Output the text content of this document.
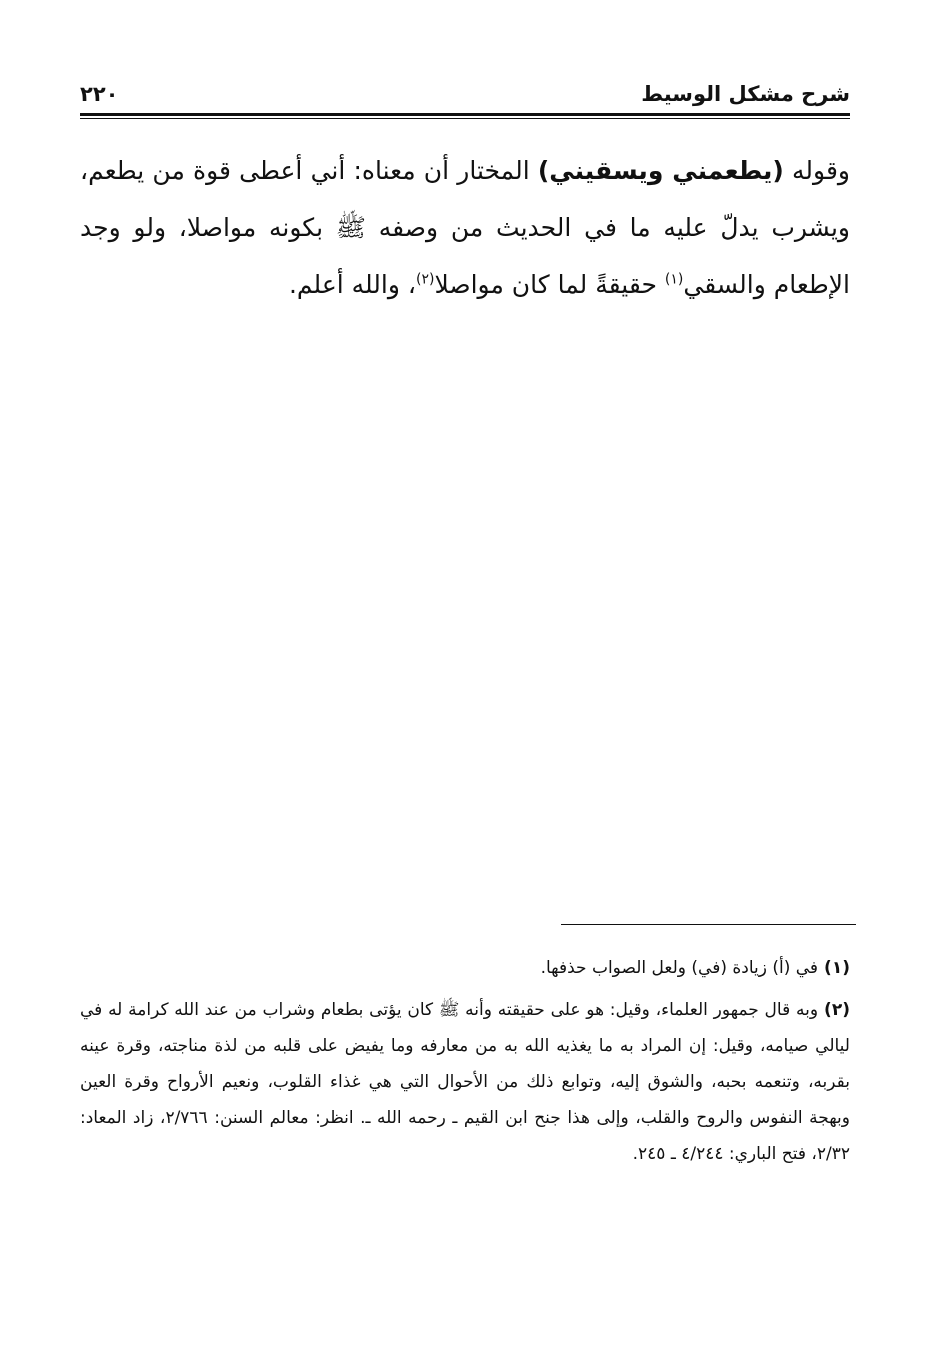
شرح مشكل الوسيط
٢٢٠

وقوله (يطعمني ويسقيني) المختار أن معناه: أني أعطى قوة من يطعم، ويشرب يدلّ عليه ما في الحديث من وصفه ﷺ بكونه مواصلا، ولو وجد الإطعام والسقي$^{(١)}$ حقيقةً لما كان مواصلا$^{(٢)}$، والله أعلم.

(١)في (أ) زيادة (في) ولعل الصواب حذفها.

(٢)وبه قال جمهور العلماء، وقيل: هو على حقيقته وأنه ﷺ كان يؤتى بطعام وشراب من عند الله كرامة له في ليالي صيامه، وقيل: إن المراد به ما يغذيه الله به من معارفه وما يفيض على قلبه من لذة مناجته، وقرة عينه بقربه، وتنعمه بحبه، والشوق إليه، وتوابع ذلك من الأحوال التي هي غذاء القلوب، ونعيم الأرواح وقرة العين وبهجة النفوس والروح والقلب، وإلى هذا جنح ابن القيم ـ رحمه الله ـ. انظر: معالم السنن: ٢/٧٦٦، زاد المعاد: ٢/٣٢، فتح الباري: ٤/٢٤٤ ـ ٢٤٥.
